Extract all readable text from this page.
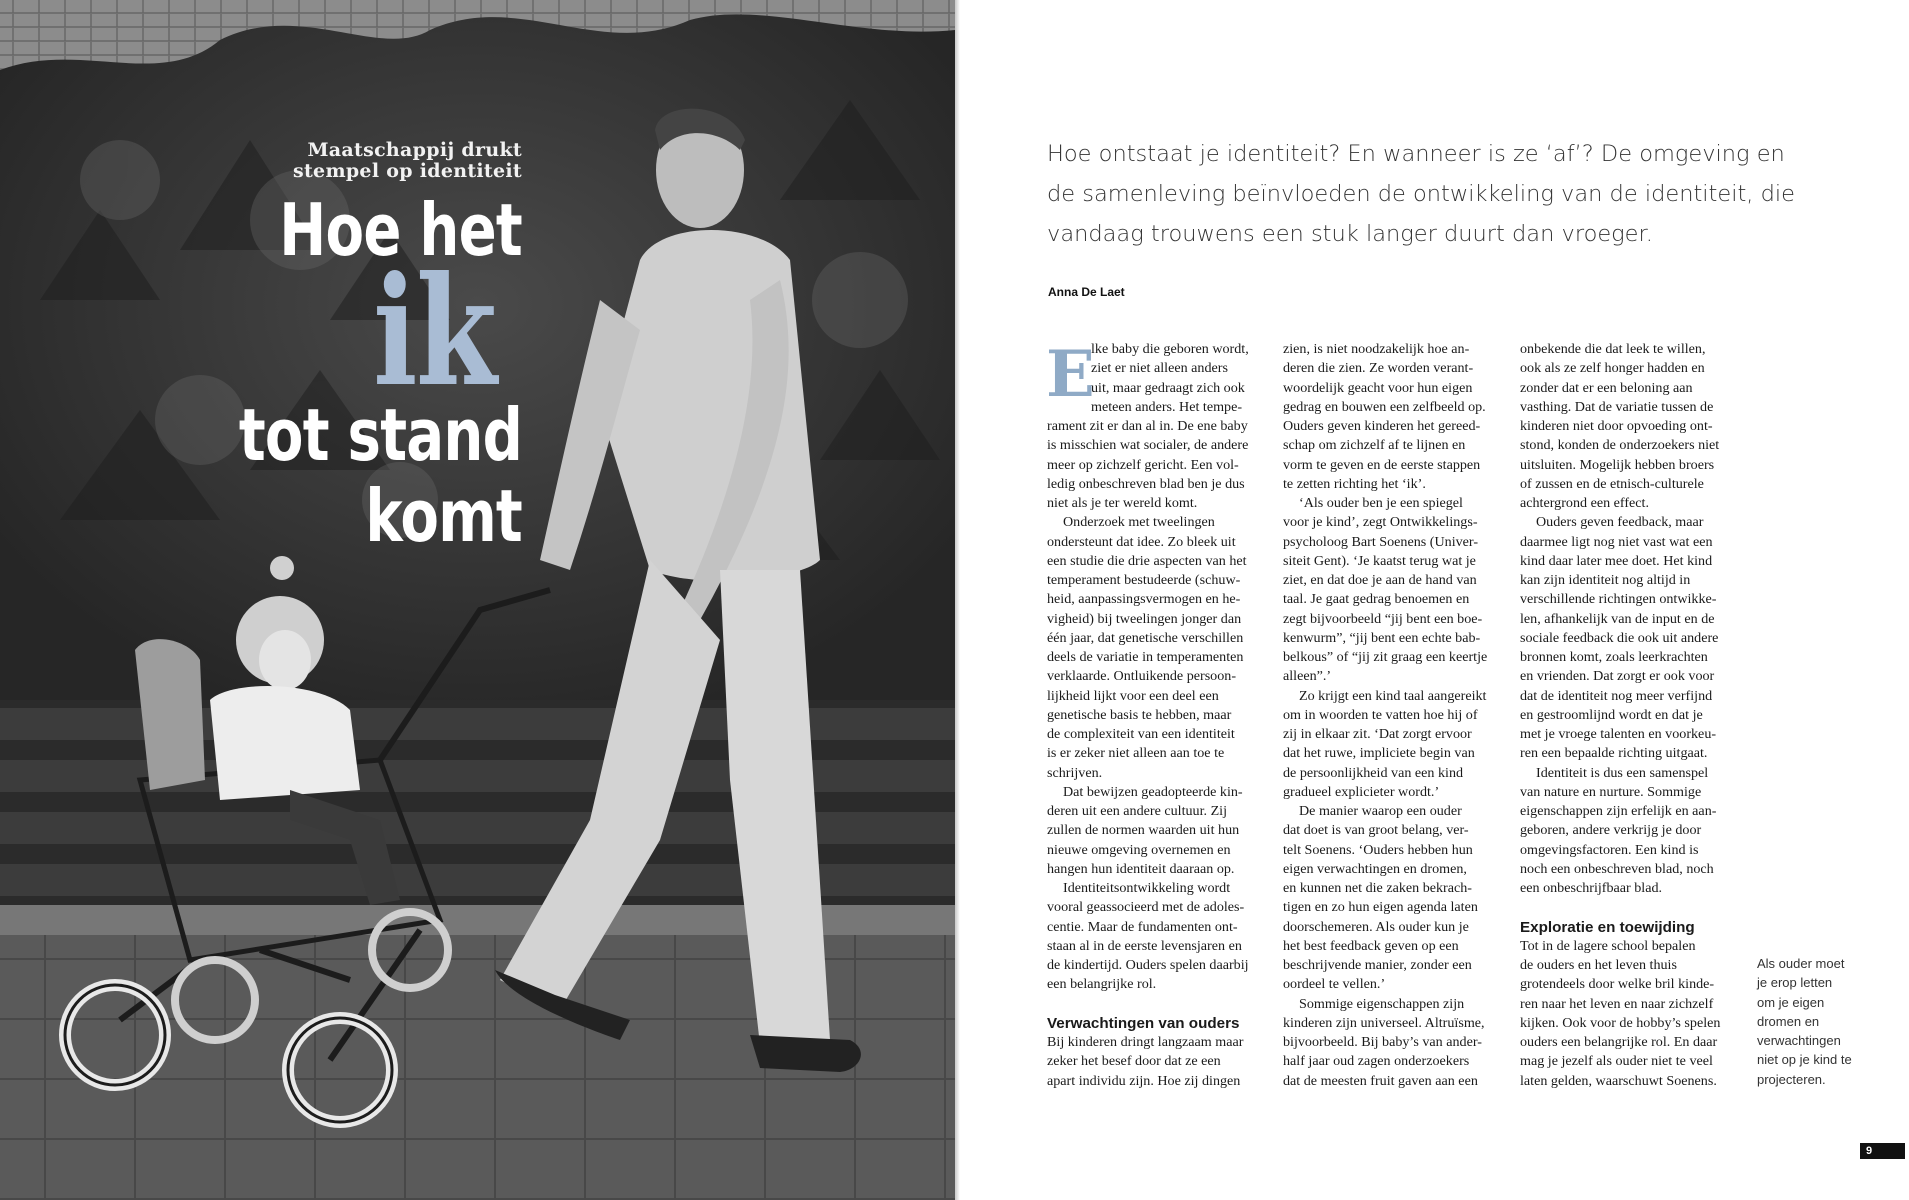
Maatschappij drukt
stempel op identiteit
Hoe het
ik
tot stand
komt
Hoe ontstaat je identiteit? En wanneer is ze ‘af’? De omgeving en
de samenleving beïnvloeden de ontwikkeling van de identiteit, die
vandaag trouwens een stuk langer duurt dan vroeger.
Anna De Laet
E
lke baby die geboren wordt,
ziet er niet alleen anders
uit, maar gedraagt zich ook
meteen anders. Het tempe-
rament zit er dan al in. De ene baby
is misschien wat socialer, de andere
meer op zichzelf gericht. Een vol-
ledig onbeschreven blad ben je dus
niet als je ter wereld komt.
Onderzoek met tweelingen
ondersteunt dat idee. Zo bleek uit
een studie die drie aspecten van het
temperament bestudeerde (schuw-
heid, aanpassingsvermogen en he-
vigheid) bij tweelingen jonger dan
één jaar, dat genetische verschillen
deels de variatie in temperamenten
verklaarde. Ontluikende persoon-
lijkheid lijkt voor een deel een
genetische basis te hebben, maar
de complexiteit van een identiteit
is er zeker niet alleen aan toe te
schrijven.
Dat bewijzen geadopteerde kin-
deren uit een andere cultuur. Zij
zullen de normen waarden uit hun
nieuwe omgeving overnemen en
hangen hun identiteit daaraan op.
Identiteitsontwikkeling wordt
vooral geassocieerd met de adoles-
centie. Maar de fundamenten ont-
staan al in de eerste levensjaren en
de kindertijd. Ouders spelen daarbij
een belangrijke rol.
Verwachtingen van ouders
Bij kinderen dringt langzaam maar
zeker het besef door dat ze een
apart individu zijn. Hoe zij dingen
zien, is niet noodzakelijk hoe an-
deren die zien. Ze worden verant-
woordelijk geacht voor hun eigen
gedrag en bouwen een zelfbeeld op.
Ouders geven kinderen het gereed-
schap om zichzelf af te lijnen en
vorm te geven en de eerste stappen
te zetten richting het ‘ik’.
‘Als ouder ben je een spiegel
voor je kind’, zegt Ontwikkelings-
psycholoog Bart Soenens (Univer-
siteit Gent). ‘Je kaatst terug wat je
ziet, en dat doe je aan de hand van
taal. Je gaat gedrag benoemen en
zegt bijvoorbeeld “jij bent een boe-
kenwurm”, “jij bent een echte bab-
belkous” of “jij zit graag een keertje
alleen”.’
Zo krijgt een kind taal aangereikt
om in woorden te vatten hoe hij of
zij in elkaar zit. ‘Dat zorgt ervoor
dat het ruwe, impliciete begin van
de persoonlijkheid van een kind
gradueel explicieter wordt.’
De manier waarop een ouder
dat doet is van groot belang, ver-
telt Soenens. ‘Ouders hebben hun
eigen verwachtingen en dromen,
en kunnen net die zaken bekrach-
tigen en zo hun eigen agenda laten
doorschemeren. Als ouder kun je
het best feedback geven op een
beschrijvende manier, zonder een
oordeel te vellen.’
Sommige eigenschappen zijn
kinderen zijn universeel. Altruïsme,
bijvoorbeeld. Bij baby’s van ander-
half jaar oud zagen onderzoekers
dat de meesten fruit gaven aan een
onbekende die dat leek te willen,
ook als ze zelf honger hadden en
zonder dat er een beloning aan
vasthing. Dat de variatie tussen de
kinderen niet door opvoeding ont-
stond, konden de onderzoekers niet
uitsluiten. Mogelijk hebben broers
of zussen en de etnisch-culturele
achtergrond een effect.
Ouders geven feedback, maar
daarmee ligt nog niet vast wat een
kind daar later mee doet. Het kind
kan zijn identiteit nog altijd in
verschillende richtingen ontwikke-
len, afhankelijk van de input en de
sociale feedback die ook uit andere
bronnen komt, zoals leerkrachten
en vrienden. Dat zorgt er ook voor
dat de identiteit nog meer verfijnd
en gestroomlijnd wordt en dat je
met je vroege talenten en voorkeu-
ren een bepaalde richting uitgaat.
Identiteit is dus een samenspel
van nature en nurture. Sommige
eigenschappen zijn erfelijk en aan-
geboren, andere verkrijg je door
omgevingsfactoren. Een kind is
noch een onbeschreven blad, noch
een onbeschrijfbaar blad.
Exploratie en toewijding
Tot in de lagere school bepalen
de ouders en het leven thuis
grotendeels door welke bril kinde-
ren naar het leven en naar zichzelf
kijken. Ook voor de hobby’s spelen
ouders een belangrijke rol. En daar
mag je jezelf als ouder niet te veel
laten gelden, waarschuwt Soenens.
Als ouder moet
je erop letten
om je eigen
dromen en
verwachtingen
niet op je kind te
projecteren.
9
